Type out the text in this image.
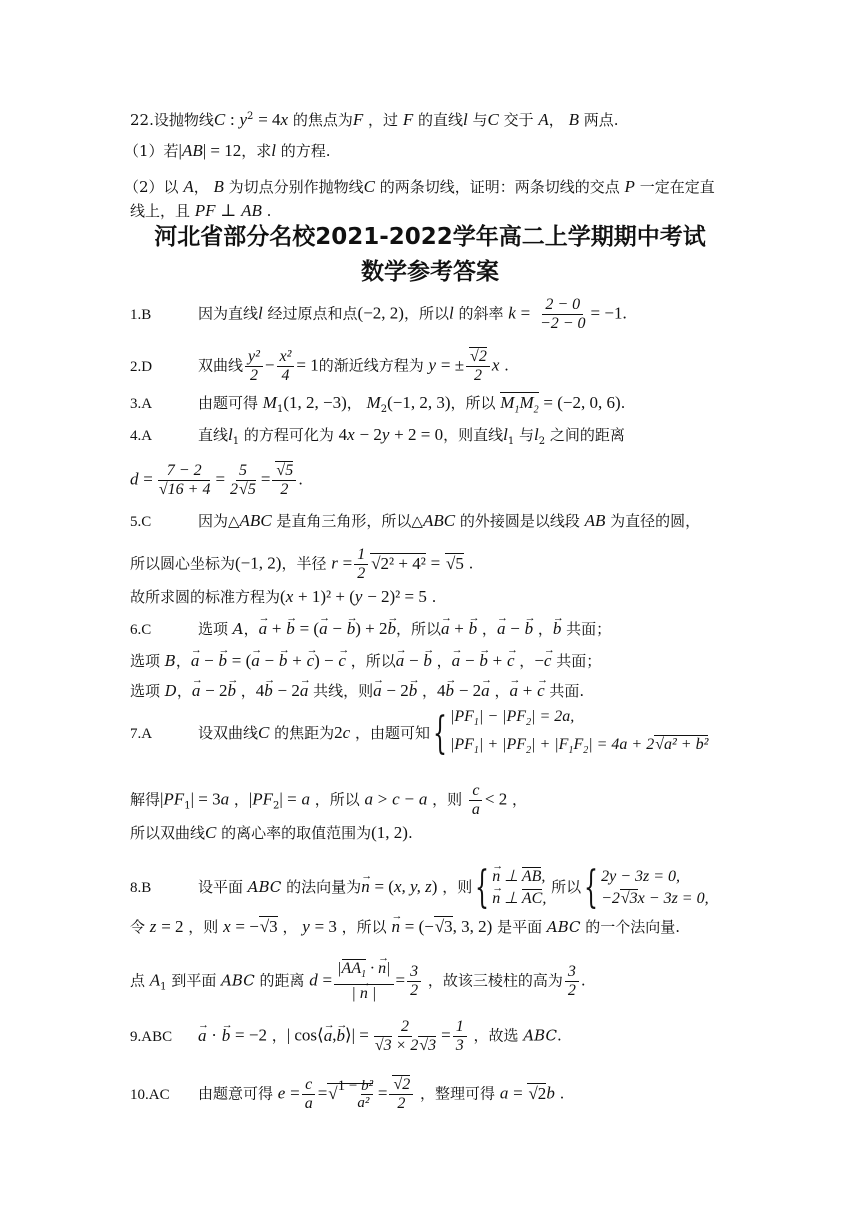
22.设抛物线C : $y^2 = 4x$ 的焦点为F ，过 F 的直线l 与C 交于 A， B 两点.
（1）若|AB| = 12，求l 的方程.
（2）以 A， B 为切点分别作抛物线C 的两条切线，证明：两条切线的交点 P 一定在定直
线上，且 PF ⊥ AB .
河北省部分名校2021-2022学年高二上学期期中考试
数学参考答案
1.B	因为直线l 经过原点和点(−2, 2)，所以l 的斜率 $k = \frac{2 - 0}{-2 - 0} = -1$.
2.D	双曲线 $\frac{\text{y²}}{2} - \frac{\text{x²}}{4} = 1$的渐近线方程为 y = ± $\frac{√2}{2}$ x .
3.A	由题可得 $M_1(1$, 2, −3)， $M_2(-1$, 2, 3)，所以 $M_1M_2 = (-2$, 0, 6).
4.A	直线$l_1$ 的方程可化为 4x − 2y + 2 = 0，则直线$l_1$ 与$l_2$ 之间的距离
$d = \frac{7 - 2}{√16 + 4} = \frac{5}{2√5} = \frac{√5}{2}$ .
5.C	因为△ABC 是直角三角形，所以△ABC 的外接圆是以线段 AB 为直径的圆，
所以圆心坐标为(−1, 2)，半径 $r = \frac{1}{2} √2^2 + 4^2 = √5$ .
故所求圆的标准方程为(x + 1)² + (y − 2)² = 5 .
6.C	选项 A，→ a + → b = (→ a − → b) + 2→ b，所以→ a + → b ，→ a − → b ，→ b 共面；
选项 B，→ a − → b = (→ a − → b + → c) − → c ，所以→ a − → b ，→ a − → b + → c ，−→ c 共面；
选项 D，→ a − 2→ b ，4→ b − 2→ a 共线，则→ a − 2→ b ，4→ b − 2→ a ，→ a + → c 共面.
7.A	设双曲线C 的焦距为2c ，由题可知{ $|PF_1| - |PF_2| = 2a$,
$|PF_1| + |PF_2| + |F_1F_2| = 4a + 2√a^2 + b^2$
解得$|PF_1| = 3a$ ，$|PF_2| = a$ ，所以 a > c − a ，则 $\frac{c}{a} < 2$ ，
所以双曲线C 的离心率的取值范围为(1, 2).
8.B	设平面 ABC 的法向量为→ n = (x, y, z) ，则{ → n ⊥ AB,
→ n ⊥ AC,
所以{ 2y − 3z = 0,
−2√3x − 3z = 0,
令 z = 2 ，则 x = −√3 ， y = 3 ，所以 → n = (−√3, 3, 2) 是平面 ABC 的一个法向量.
点 $A_1$ 到平面 ABC 的距离 $d = \frac{|AA_1 \cdot \to n|}{| \to n |} = \frac{3}{2}$ ，故该三棱柱的高为 $\frac{3}{2}$ .
9.ABC → a · → b = −2 ，| cos⟨→ a,→ b⟩| = $\frac{2}{√3 \times 2√3} = \frac{1}{3}$ ，故选 ABC.
10.AC 由题意可得 $e = \frac{c}{a}$ =√ 1 − b²
a²
= $\frac{√2}{2}$ ，整理可得 a = √2b .
